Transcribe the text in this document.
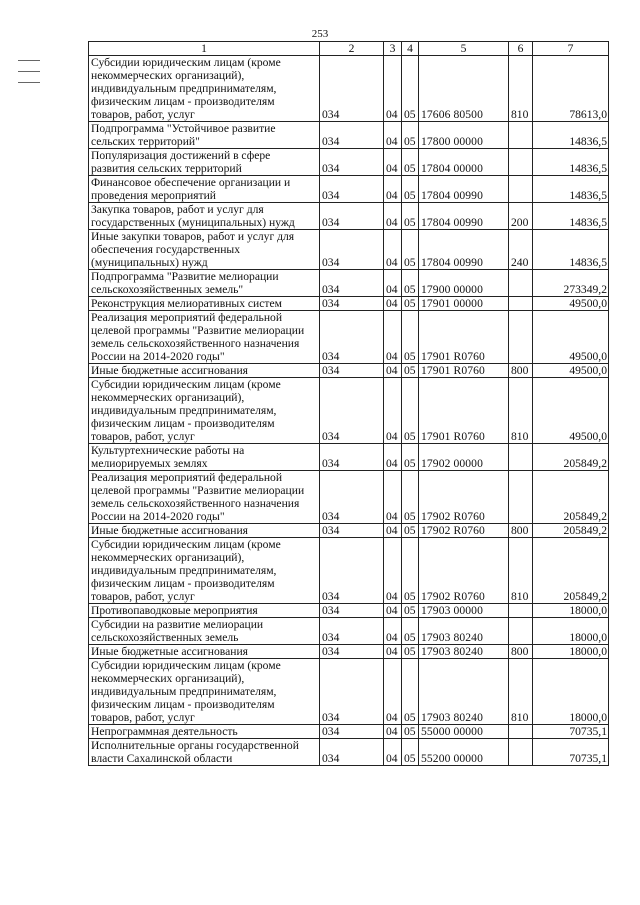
253
1	2	3	4	5	6	7
Субсидии юридическим лицам (кроме некоммерческих организаций), индивидуальным предпринимателям, физическим лицам - производителям товаров, работ, услуг	034	04	05	17606 80500	810	78613,0
Подпрограмма "Устойчивое развитие сельских территорий"	034	04	05	17800 00000		14836,5
Популяризация достижений в сфере развития сельских территорий	034	04	05	17804 00000		14836,5
Финансовое обеспечение организации и проведения мероприятий	034	04	05	17804 00990		14836,5
Закупка товаров, работ и услуг для государственных (муниципальных) нужд	034	04	05	17804 00990	200	14836,5
Иные закупки товаров, работ и услуг для обеспечения государственных (муниципальных) нужд	034	04	05	17804 00990	240	14836,5
Подпрограмма "Развитие мелиорации сельскохозяйственных земель"	034	04	05	17900 00000		273349,2
Реконструкция мелиоративных систем	034	04	05	17901 00000		49500,0
Реализация мероприятий федеральной целевой программы "Развитие мелиорации земель сельскохозяйственного назначения России на 2014-2020 годы"	034	04	05	17901 R0760		49500,0
Иные бюджетные ассигнования	034	04	05	17901 R0760	800	49500,0
Субсидии юридическим лицам (кроме некоммерческих организаций), индивидуальным предпринимателям, физическим лицам - производителям товаров, работ, услуг	034	04	05	17901 R0760	810	49500,0
Культуртехнические работы на мелиорируемых землях	034	04	05	17902 00000		205849,2
Реализация мероприятий федеральной целевой программы "Развитие мелиорации земель сельскохозяйственного назначения России на 2014-2020 годы"	034	04	05	17902 R0760		205849,2
Иные бюджетные ассигнования	034	04	05	17902 R0760	800	205849,2
Субсидии юридическим лицам (кроме некоммерческих организаций), индивидуальным предпринимателям, физическим лицам - производителям товаров, работ, услуг	034	04	05	17902 R0760	810	205849,2
Противопаводковые мероприятия	034	04	05	17903 00000		18000,0
Субсидии на развитие мелиорации сельскохозяйственных земель	034	04	05	17903 80240		18000,0
Иные бюджетные ассигнования	034	04	05	17903 80240	800	18000,0
Субсидии юридическим лицам (кроме некоммерческих организаций), индивидуальным предпринимателям, физическим лицам - производителям товаров, работ, услуг	034	04	05	17903 80240	810	18000,0
Непрограммная деятельность	034	04	05	55000 00000		70735,1
Исполнительные органы государственной власти Сахалинской области	034	04	05	55200 00000		70735,1
